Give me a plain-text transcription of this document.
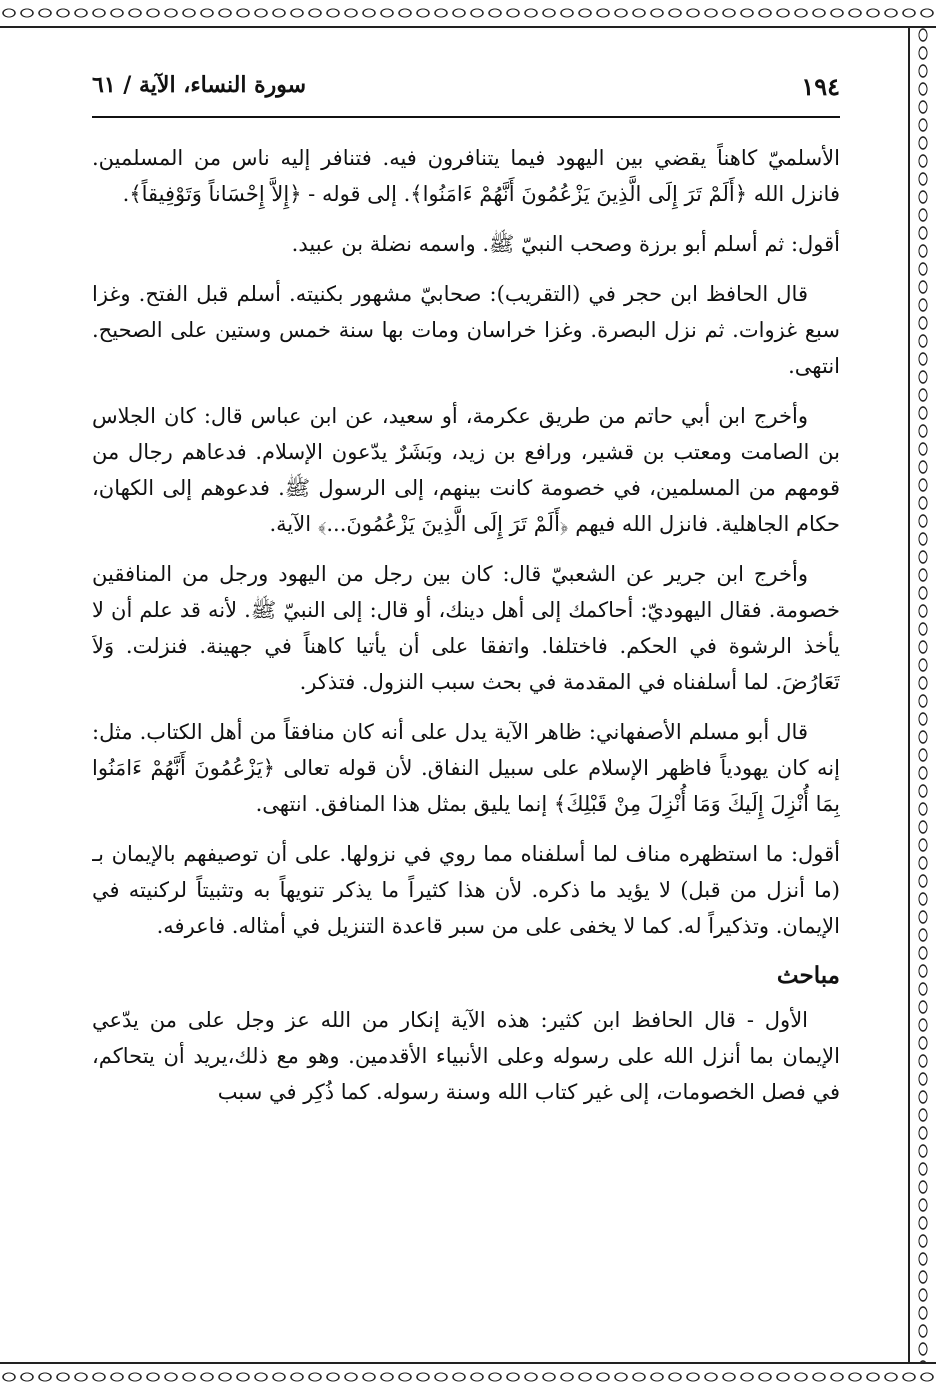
١٩٤
سورة النساء، الآية / ٦١

الأسلميّ كاهناً يقضي بين اليهود فيما يتنافرون فيه. فتنافر إليه ناس من المسلمين. فانزل الله ﴿أَلَمْ تَرَ إِلَى الَّذِينَ يَزْعُمُونَ أَنَّهُمْ ءَامَنُوا﴾. إلى قوله - ﴿إِلاَّ إِحْسَاناً وَتَوْفِيقاً﴾.

أقول: ثم أسلم أبو برزة وصحب النبيّ ﷺ. واسمه نضلة بن عبيد.

قال الحافظ ابن حجر في (التقريب): صحابيّ مشهور بكنيته. أسلم قبل الفتح. وغزا سبع غزوات. ثم نزل البصرة. وغزا خراسان ومات بها سنة خمس وستين على الصحيح. انتهى.

وأخرج ابن أبي حاتم من طريق عكرمة، أو سعيد، عن ابن عباس قال: كان الجلاس بن الصامت ومعتب بن قشير، ورافع بن زيد، وبَشَرٌ يدّعون الإسلام. فدعاهم رجال من قومهم من المسلمين، في خصومة كانت بينهم، إلى الرسول ﷺ. فدعوهم إلى الكهان، حكام الجاهلية. فانزل الله فيهم ﴿أَلَمْ تَرَ إِلَى الَّذِينَ يَزْعُمُونَ...﴾ الآية.

وأخرج ابن جرير عن الشعبيّ قال: كان بين رجل من اليهود ورجل من المنافقين خصومة. فقال اليهوديّ: أحاكمك إلى أهل دينك، أو قال: إلى النبيّ ﷺ. لأنه قد علم أن لا يأخذ الرشوة في الحكم. فاختلفا. واتفقا على أن يأتيا كاهناً في جهينة. فنزلت. وَلاَ تَعَارُضَ. لما أسلفناه في المقدمة في بحث سبب النزول. فتذكر.

قال أبو مسلم الأصفهاني: ظاهر الآية يدل على أنه كان منافقاً من أهل الكتاب. مثل: إنه كان يهودياً فاظهر الإسلام على سبيل النفاق. لأن قوله تعالى ﴿يَزْعُمُونَ أَنَّهُمْ ءَامَنُوا بِمَا أُنْزِلَ إِلَيكَ وَمَا أُنْزِلَ مِنْ قَبْلِكَ﴾ إنما يليق بمثل هذا المنافق. انتهى.

أقول: ما استظهره مناف لما أسلفناه مما روي في نزولها. على أن توصيفهم بالإيمان بـ (ما أنزل من قبل) لا يؤيد ما ذكره. لأن هذا كثيراً ما يذكر تنويهاً به وتثبيتاً لركنيته في الإيمان. وتذكيراً له. كما لا يخفى على من سبر قاعدة التنزيل في أمثاله. فاعرفه.

مباحث

الأول - قال الحافظ ابن كثير: هذه الآية إنكار من الله عز وجل على من يدّعي الإيمان بما أنزل الله على رسوله وعلى الأنبياء الأقدمين. وهو مع ذلك،يريد أن يتحاكم، في فصل الخصومات، إلى غير كتاب الله وسنة رسوله. كما ذُكِر في سبب
